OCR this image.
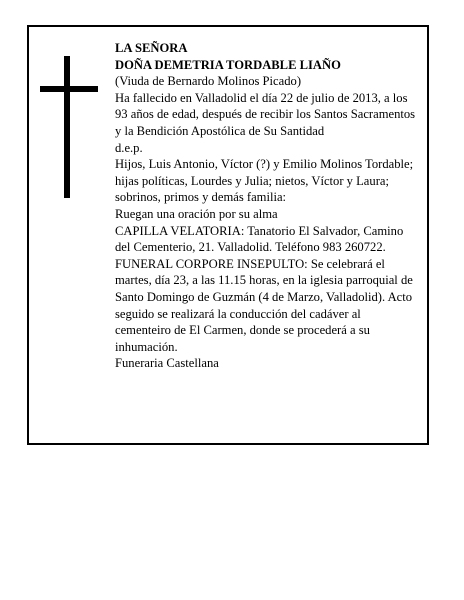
LA SEÑORA

DOÑA DEMETRIA TORDABLE LIAÑO

(Viuda de Bernardo Molinos Picado)

Ha fallecido en Valladolid el día 22 de julio de 2013, a los 93 años de edad, después de recibir los Santos Sacramentos y la Bendición Apostólica de Su Santidad

d.e.p.

Hijos, Luis Antonio, Víctor (?) y Emilio Molinos Tordable; hijas políticas, Lourdes y Julia; nietos, Víctor y Laura; sobrinos, primos y demás familia:

Ruegan una oración por su alma

CAPILLA VELATORIA: Tanatorio El Salvador, Camino del Cementerio, 21. Valladolid. Teléfono 983 260722.

FUNERAL CORPORE INSEPULTO: Se celebrará el martes, día 23, a las 11.15 horas, en la iglesia parroquial de Santo Domingo de Guzmán (4 de Marzo, Valladolid). Acto seguido se realizará la conducción del cadáver al cementeiro de El Carmen, donde se procederá a su inhumación.

Funeraria Castellana
